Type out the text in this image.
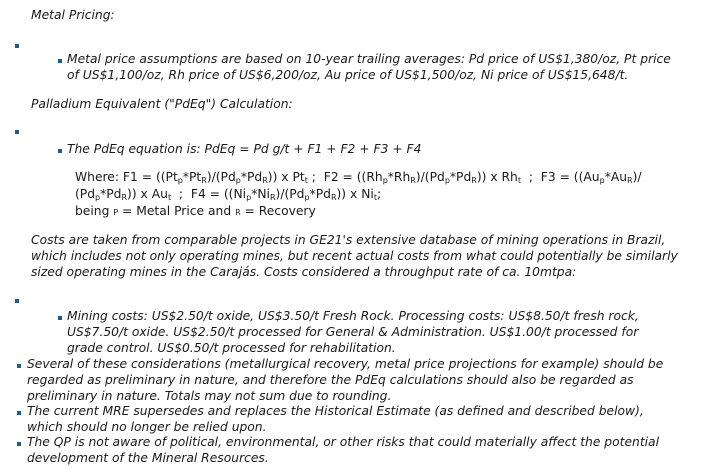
Metal Pricing:
Metal price assumptions are based on 10-year trailing averages: Pd price of US$1,380/oz, Pt price
of US$1,100/oz, Rh price of US$6,200/oz, Au price of US$1,500/oz, Ni price of US$15,648/t.
Palladium Equivalent ("PdEq") Calculation:
The PdEq equation is: PdEq = Pd g/t + F1 + F2 + F3 + F4
Where: $F1 = ((Pt_p*Pt_R)/(Pd_p*Pd_R))$ x $Pt_t$ ;  $F2 = ((Rh_p*Rh_R)/(Pd_p*Pd_R))$ x $Rh_t$  ;  $F3 = ((Au_p*Au_R)/$
$(Pd_p*Pd_R)$) x $Au_t$  ;  $F4 = ((Ni_p*Ni_R)/(Pd_p*Pd_R))$ x $Ni_t$;
being P = Metal Price and R = Recovery
Costs are taken from comparable projects in GE21's extensive database of mining operations in Brazil,
which includes not only operating mines, but recent actual costs from what could potentially be similarly
sized operating mines in the Carajás. Costs considered a throughput rate of ca. 10mtpa:
Mining costs: US$2.50/t oxide, US$3.50/t Fresh Rock. Processing costs: US$8.50/t fresh rock,
US$7.50/t oxide. US$2.50/t processed for General & Administration. US$1.00/t processed for
grade control. US$0.50/t processed for rehabilitation.
Several of these considerations (metallurgical recovery, metal price projections for example) should be
regarded as preliminary in nature, and therefore the PdEq calculations should also be regarded as
preliminary in nature. Totals may not sum due to rounding.
The current MRE supersedes and replaces the Historical Estimate (as defined and described below),
which should no longer be relied upon.
The QP is not aware of political, environmental, or other risks that could materially affect the potential
development of the Mineral Resources.
